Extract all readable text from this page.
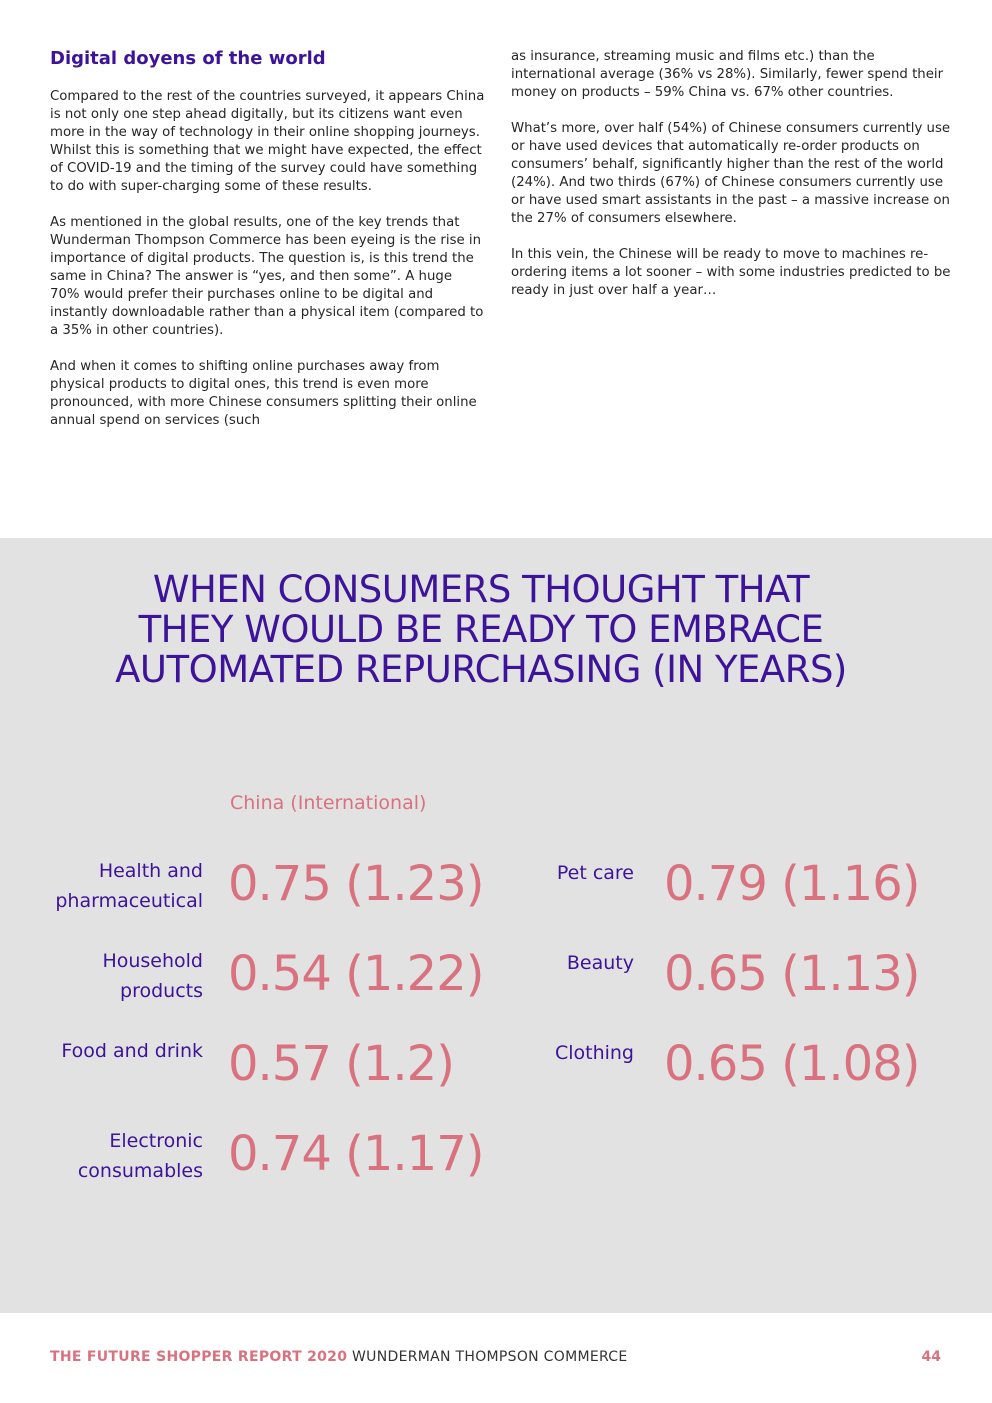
Digital doyens of the world

Compared to the rest of the countries surveyed, it appears China is not only one step ahead digitally, but its citizens want even more in the way of technology in their online shopping journeys. Whilst this is something that we might have expected, the effect of COVID-19 and the timing of the survey could have something to do with super-charging some of these results.

As mentioned in the global results, one of the key trends that Wunderman Thompson Commerce has been eyeing is the rise in importance of digital products. The question is, is this trend the same in China? The answer is “yes, and then some”. A huge 70% would prefer their purchases online to be digital and instantly downloadable rather than a physical item (compared to a 35% in other countries).

And when it comes to shifting online purchases away from physical products to digital ones, this trend is even more pronounced, with more Chinese consumers splitting their online annual spend on services (such

as insurance, streaming music and films etc.) than the international average (36% vs 28%). Similarly, fewer spend their money on products – 59% China vs. 67% other countries.

What’s more, over half (54%) of Chinese consumers currently use or have used devices that automatically re-order products on consumers’ behalf, significantly higher than the rest of the world (24%). And two thirds (67%) of Chinese consumers currently use or have used smart assistants in the past – a massive increase on the 27% of consumers elsewhere.

In this vein, the Chinese will be ready to move to machines re-ordering items a lot sooner – with some industries predicted to be ready in just over half a year…

WHEN CONSUMERS THOUGHT THAT
THEY WOULD BE READY TO EMBRACE
AUTOMATED REPURCHASING (IN YEARS)
China (International)
Health and
pharmaceutical 0.75 (1.23)
Household
products 0.54 (1.22)
Food and drink 0.57 (1.2)
Electronic
consumables 0.74 (1.17)
Pet care 0.79 (1.16)
Beauty 0.65 (1.13)
Clothing 0.65 (1.08)
THE FUTURE SHOPPER REPORT 2020 WUNDERMAN THOMPSON COMMERCE	44
